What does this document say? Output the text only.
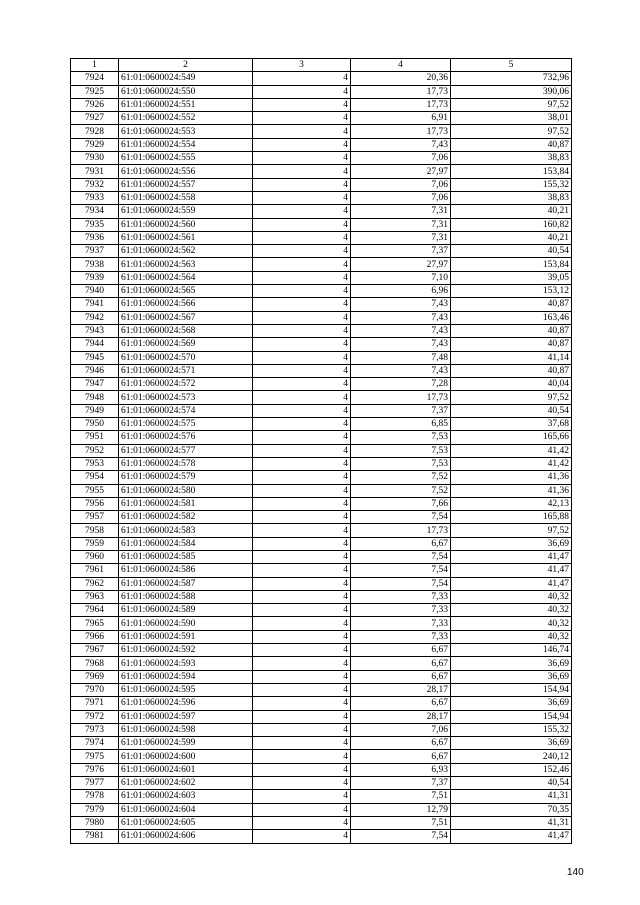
1	2	3	4	5
7924	61:01:0600024:549	4	20,36	732,96
7925	61:01:0600024:550	4	17,73	390,06
7926	61:01:0600024:551	4	17,73	97,52
7927	61:01:0600024:552	4	6,91	38,01
7928	61:01:0600024:553	4	17,73	97,52
7929	61:01:0600024:554	4	7,43	40,87
7930	61:01:0600024:555	4	7,06	38,83
7931	61:01:0600024:556	4	27,97	153,84
7932	61:01:0600024:557	4	7,06	155,32
7933	61:01:0600024:558	4	7,06	38,83
7934	61:01:0600024:559	4	7,31	40,21
7935	61:01:0600024:560	4	7,31	160,82
7936	61:01:0600024:561	4	7,31	40,21
7937	61:01:0600024:562	4	7,37	40,54
7938	61:01:0600024:563	4	27,97	153,84
7939	61:01:0600024:564	4	7,10	39,05
7940	61:01:0600024:565	4	6,96	153,12
7941	61:01:0600024:566	4	7,43	40,87
7942	61:01:0600024:567	4	7,43	163,46
7943	61:01:0600024:568	4	7,43	40,87
7944	61:01:0600024:569	4	7,43	40,87
7945	61:01:0600024:570	4	7,48	41,14
7946	61:01:0600024:571	4	7,43	40,87
7947	61:01:0600024:572	4	7,28	40,04
7948	61:01:0600024:573	4	17,73	97,52
7949	61:01:0600024:574	4	7,37	40,54
7950	61:01:0600024:575	4	6,85	37,68
7951	61:01:0600024:576	4	7,53	165,66
7952	61:01:0600024:577	4	7,53	41,42
7953	61:01:0600024:578	4	7,53	41,42
7954	61:01:0600024:579	4	7,52	41,36
7955	61:01:0600024:580	4	7,52	41,36
7956	61:01:0600024:581	4	7,66	42,13
7957	61:01:0600024:582	4	7,54	165,88
7958	61:01:0600024:583	4	17,73	97,52
7959	61:01:0600024:584	4	6,67	36,69
7960	61:01:0600024:585	4	7,54	41,47
7961	61:01:0600024:586	4	7,54	41,47
7962	61:01:0600024:587	4	7,54	41,47
7963	61:01:0600024:588	4	7,33	40,32
7964	61:01:0600024:589	4	7,33	40,32
7965	61:01:0600024:590	4	7,33	40,32
7966	61:01:0600024:591	4	7,33	40,32
7967	61:01:0600024:592	4	6,67	146,74
7968	61:01:0600024:593	4	6,67	36,69
7969	61:01:0600024:594	4	6,67	36,69
7970	61:01:0600024:595	4	28,17	154,94
7971	61:01:0600024:596	4	6,67	36,69
7972	61:01:0600024:597	4	28,17	154,94
7973	61:01:0600024:598	4	7,06	155,32
7974	61:01:0600024:599	4	6,67	36,69
7975	61:01:0600024:600	4	6,67	240,12
7976	61:01:0600024:601	4	6,93	152,46
7977	61:01:0600024:602	4	7,37	40,54
7978	61:01:0600024:603	4	7,51	41,31
7979	61:01:0600024:604	4	12,79	70,35
7980	61:01:0600024:605	4	7,51	41,31
7981	61:01:0600024:606	4	7,54	41,47
140
